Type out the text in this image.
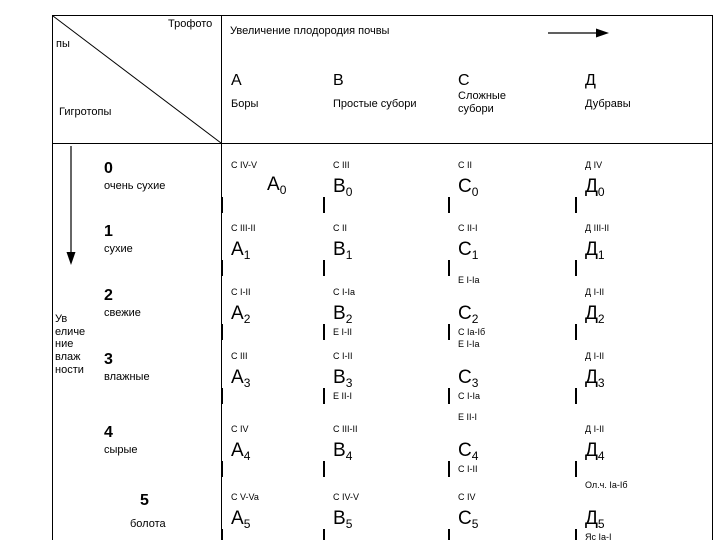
Трофото
пы
Увеличение плодородия почвы
Гигротопы
Ув
еличе
ние
влаж
ности
А
Боры
В
Простые субори
С
Сложные
субори
Д
Дубравы
0
очень сухие
С IV-V
$А_0$
С III
$В_0$
С II
$С_0$
Д IV
$Д_0$
1
сухие
С III-II
$А_1$
С II
$В_1$
С II-I
$С_1$
Д III-II
$Д_1$
2
свежие
С I-II
$А_2$
С I-Ia
$В_2$
Е I-II
Е I-Ia
$С_2$
С Ia-Iб
Д I-II
$Д_2$
3
влажные
С III
$А_3$
С I-II
$В_3$
Е II-I
Е I-Ia
$С_3$
С I-Ia
Д I-II
$Д_3$
4
сырые
С IV
$А_4$
С III-II
$В_4$
Е II-I
$С_4$
С I-II
Д I-II
$Д_4$
5
болота
С V-Va
$А_5$
С IV-V
$В_5$
С IV
$С_5$
Ол.ч. Ia-Iб
$Д_5$
Яс Ia-I
